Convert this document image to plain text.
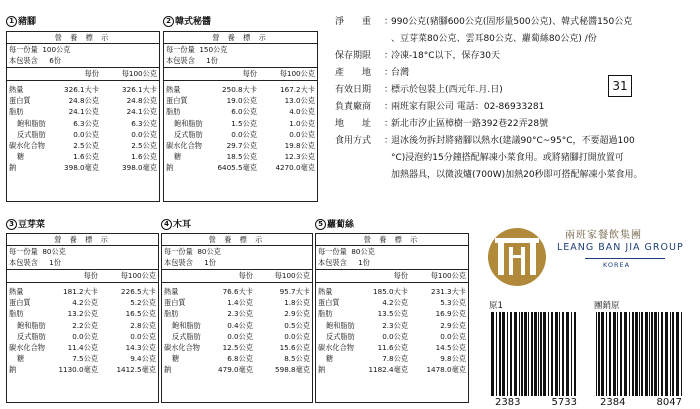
1 豬腳
營 養 標 示
每一份量 100公克
本包裝含 6份
每份	每100公克
熱量	326.1大卡	326.1大卡
蛋白質	24.8公克	24.8公克
脂肪	24.1公克	24.1公克
飽和脂肪	6.3公克	6.3公克
反式脂肪	0.0公克	0.0公克
碳水化合物	2.5公克	2.5公克
糖	1.6公克	1.6公克
鈉	398.0毫克	398.0毫克
2 韓式秘醬
營 養 標 示
每一份量 150公克
本包裝含 1份
每份	每100公克
熱量	250.8大卡	167.2大卡
蛋白質	19.0公克	13.0公克
脂肪	6.0公克	4.0公克
飽和脂肪	1.5公克	1.0公克
反式脂肪	0.0公克	0.0公克
碳水化合物	29.7公克	19.8公克
糖	18.5公克	12.3公克
鈉	6405.5毫克	4270.0毫克
3 豆芽菜
營 養 標 示
每一份量 80公克
本包裝含 1份
每份	每100公克
熱量	181.2大卡	226.5大卡
蛋白質	4.2公克	5.2公克
脂肪	13.2公克	16.5公克
飽和脂肪	2.2公克	2.8公克
反式脂肪	0.0公克	0.0公克
碳水化合物	11.4公克	14.3公克
糖	7.5公克	9.4公克
鈉	1130.0毫克	1412.5毫克
4 木耳
營 養 標 示
每一份量 80公克
本包裝含 1份
每份	每100公克
熱量	76.6大卡	95.7大卡
蛋白質	1.4公克	1.8公克
脂肪	2.3公克	2.9公克
飽和脂肪	0.4公克	0.5公克
反式脂肪	0.0公克	0.0公克
碳水化合物	12.5公克	15.6公克
糖	6.8公克	8.5公克
鈉	479.0毫克	598.8毫克
5 蘿蔔絲
營 養 標 示
每一份量 80公克
本包裝含 1份
每份	每100公克
熱量	185.0大卡	231.3大卡
蛋白質	4.2公克	5.3公克
脂肪	13.5公克	16.9公克
飽和脂肪	2.3公克	2.9公克
反式脂肪	0.0公克	0.0公克
碳水化合物	11.6公克	14.5公克
糖	7.8公克	9.8公克
鈉	1182.4毫克	1478.0毫克
淨　　重	：
990公克(豬腳600公克(固形量500公克)、韓式秘醬150公克
、豆芽菜80公克、雲耳80公克、蘿蔔絲80公克) /份
保存期限	：
冷凍-18°C以下，保存30天
產　　地	：
台灣
有效日期	：
標示於包裝上(西元年.月.日)
負責廠商	：
兩班家有限公司 電話：02-86933281
地　　址	：
新北市汐止區樟樹一路392巷22弄28號
食用方式	：
退冰後勿拆封將豬腳以熱水(建議90°C~95°C，不要超過100
°C)浸泡約15分鐘搭配解凍小菜食用。或將豬腳打開放置可
加熱器具，以微波爐(700W)加熱20秒即可搭配解凍小菜食用。
31
兩班家餐飲集團
LEANG BAN JIA GROUP
KOREA
原1
2383	5733
團銷原
2384	8047
